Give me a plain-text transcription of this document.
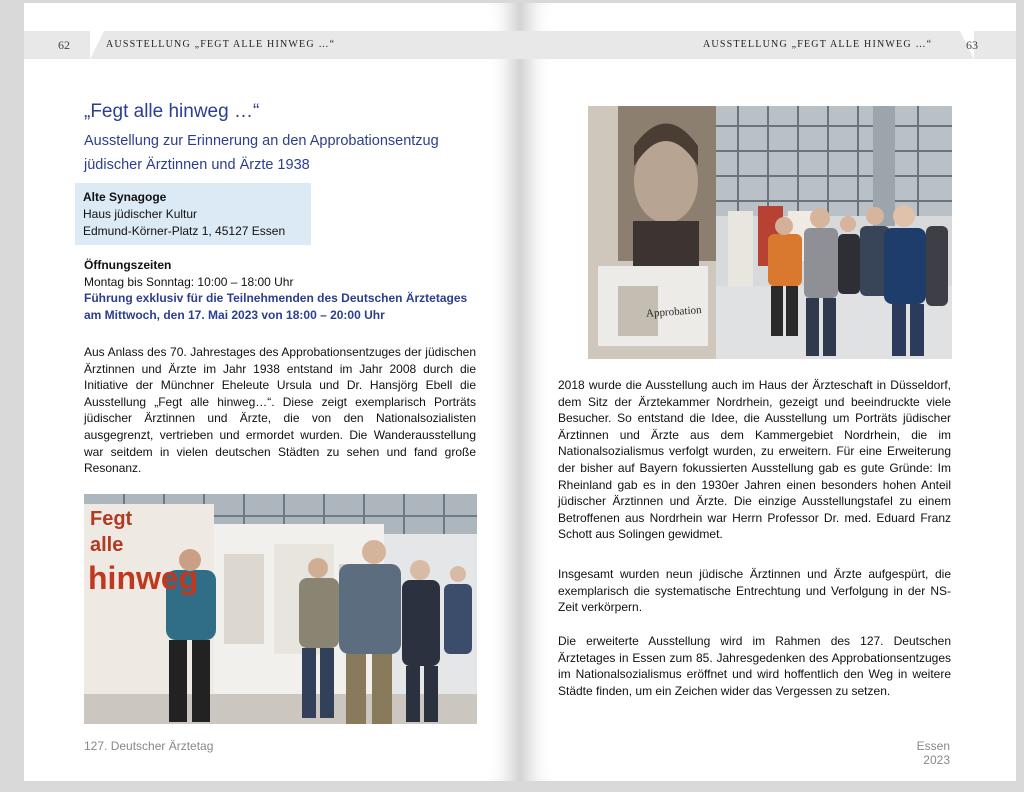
62	AUSSTELLUNG „FEGT ALLE HINWEG …“
„Fegt alle hinweg …“
Ausstellung zur Erinnerung an den Approbationsentzug jüdischer Ärztinnen und Ärzte 1938
Alte Synagoge
Haus jüdischer Kultur
Edmund-Körner-Platz 1, 45127 Essen
Öffnungszeiten
Montag bis Sonntag: 10:00 – 18:00 Uhr
Führung exklusiv für die Teilnehmenden des Deutschen Ärztetages
am Mittwoch, den 17. Mai 2023 von 18:00 – 20:00 Uhr
Aus Anlass des 70. Jahrestages des Approbationsentzuges der jüdischen Ärztinnen und Ärzte im Jahr 1938 entstand im Jahr 2008 durch die Initiative der Münchner Eheleute Ursula und Dr. Hansjörg Ebell die Ausstellung „Fegt alle hinweg…“. Diese zeigt exemplarisch Porträts jüdischer Ärztinnen und Ärzte, die von den Nationalsozialisten ausgegrenzt, vertrieben und ermordet wurden. Die Wanderausstellung war seitdem in vielen deutschen Städten zu sehen und fand große Resonanz.
Fegt
alle
hinweg
127. Deutscher Ärztetag
AUSSTELLUNG „FEGT ALLE HINWEG …“	63
Approbation
2018 wurde die Ausstellung auch im Haus der Ärzteschaft in Düsseldorf, dem Sitz der Ärztekammer Nordrhein, gezeigt und beeindruckte viele Besucher. So entstand die Idee, die Ausstellung um Porträts jüdischer Ärztinnen und Ärzte aus dem Kammergebiet Nordrhein, die im Nationalsozialismus verfolgt wurden, zu erweitern. Für eine Erweiterung der bisher auf Bayern fokussierten Ausstellung gab es gute Gründe: Im Rheinland gab es in den 1930er Jahren einen besonders hohen Anteil jüdischer Ärztinnen und Ärzte. Die einzige Ausstellungstafel zu einem Betroffenen aus Nordrhein war Herrn Professor Dr. med. Eduard Franz Schott aus Solingen gewidmet.
Insgesamt wurden neun jüdische Ärztinnen und Ärzte aufgespürt, die exemplarisch die systematische Entrechtung und Verfolgung in der NS-Zeit verkörpern.
Die erweiterte Ausstellung wird im Rahmen des 127. Deutschen Ärztetages in Essen zum 85. Jahresgedenken des Approbationsentzuges im Nationalsozialismus eröffnet und wird hoffentlich den Weg in weitere Städte finden, um ein Zeichen wider das Vergessen zu setzen.
Essen 2023
